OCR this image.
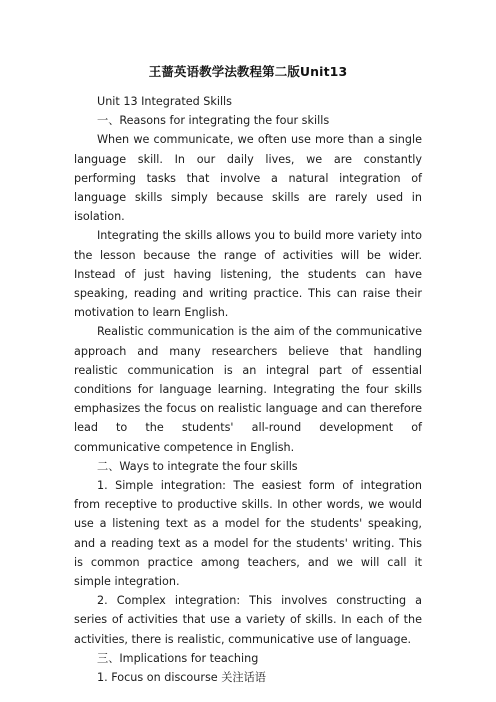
王蔷英语教学法教程第二版Unit13

Unit 13 Integrated Skills

一、Reasons for integrating the four skills

When we communicate, we often use more than a single language skill. In our daily lives, we are constantly performing tasks that involve a natural integration of language skills simply because skills are rarely used in isolation.

Integrating the skills allows you to build more variety into the lesson because the range of activities will be wider. Instead of just having listening, the students can have speaking, reading and writing practice. This can raise their motivation to learn English.

Realistic communication is the aim of the communicative approach and many researchers believe that handling realistic communication is an integral part of essential conditions for language learning. Integrating the four skills emphasizes the focus on realistic language and can therefore lead to the students' all-round development of communicative competence in English.

二、Ways to integrate the four skills

1. Simple integration: The easiest form of integration from receptive to productive skills. In other words, we would use a listening text as a model for the students' speaking, and a reading text as a model for the students' writing. This is common practice among teachers, and we will call it simple integration.

2. Complex integration: This involves constructing a series of activities that use a variety of skills. In each of the activities, there is realistic, communicative use of language.

三、Implications for teaching

1. Focus on discourse 关注话语
